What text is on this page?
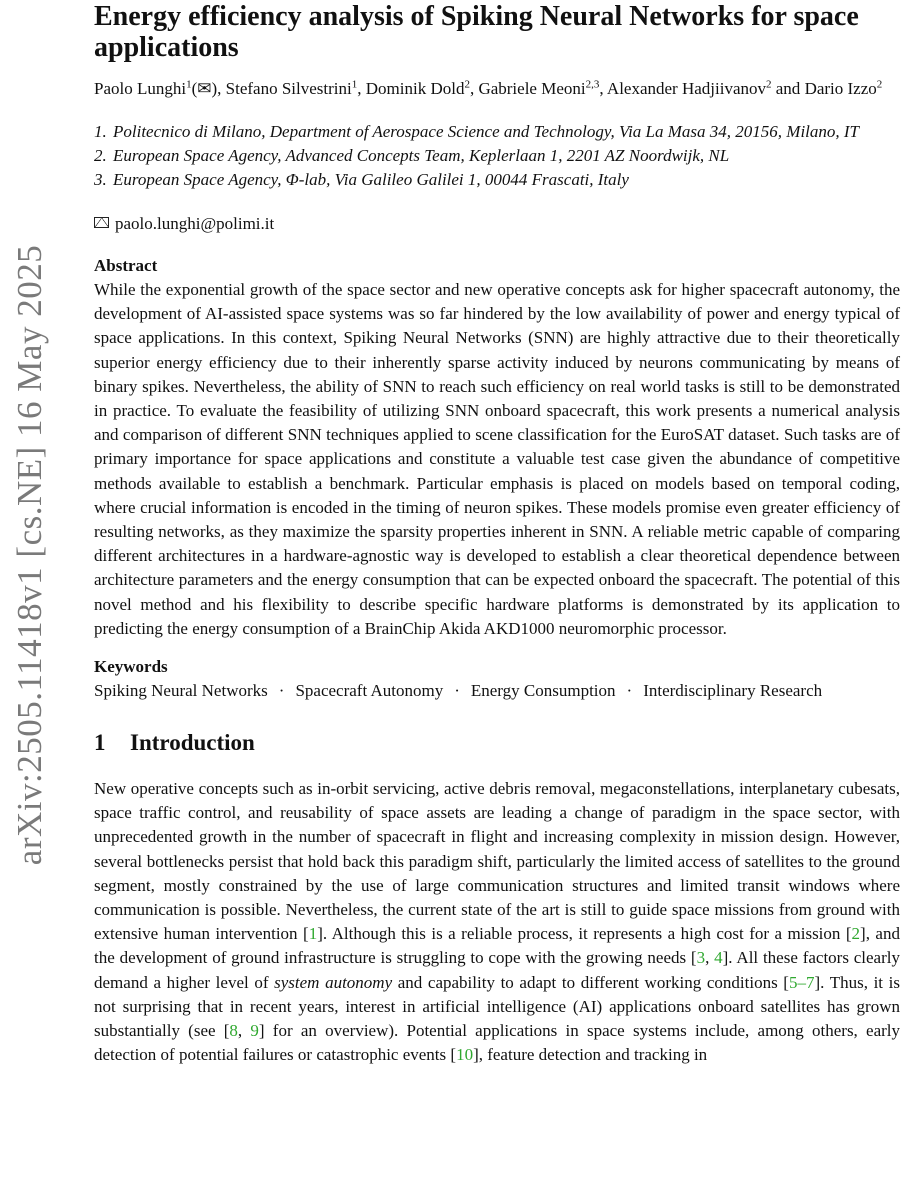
arXiv:2505.11418v1 [cs.NE] 16 May 2025
Energy efficiency analysis of Spiking Neural Networks for space applications
Paolo Lunghi$^1$(✉), Stefano Silvestrini$^1$, Dominik Dold$^2$, Gabriele Meoni$^{2,3}$, Alexander Hadjiivanov$^2$ and Dario Izzo$^2$
1. Politecnico di Milano, Department of Aerospace Science and Technology, Via La Masa 34, 20156, Milano, IT
2. European Space Agency, Advanced Concepts Team, Keplerlaan 1, 2201 AZ Noordwijk, NL
3. European Space Agency, Φ-lab, Via Galileo Galilei 1, 00044 Frascati, Italy
paolo.lunghi@polimi.it
Abstract

While the exponential growth of the space sector and new operative concepts ask for higher spacecraft autonomy, the development of AI-assisted space systems was so far hindered by the low availability of power and energy typical of space applications. In this context, Spiking Neural Networks (SNN) are highly attractive due to their theoretically superior energy efficiency due to their inherently sparse activity induced by neurons communicating by means of binary spikes. Nevertheless, the ability of SNN to reach such efficiency on real world tasks is still to be demonstrated in practice. To evaluate the feasibility of utilizing SNN onboard spacecraft, this work presents a numerical analysis and comparison of different SNN techniques applied to scene classification for the EuroSAT dataset. Such tasks are of primary importance for space applications and constitute a valuable test case given the abundance of competitive methods available to establish a benchmark. Particular emphasis is placed on models based on temporal coding, where crucial information is encoded in the timing of neuron spikes. These models promise even greater efficiency of resulting networks, as they maximize the sparsity properties inherent in SNN. A reliable metric capable of comparing different architectures in a hardware-agnostic way is developed to establish a clear theoretical dependence between architecture parameters and the energy consumption that can be expected onboard the spacecraft. The potential of this novel method and his flexibility to describe specific hardware platforms is demonstrated by its application to predicting the energy consumption of a BrainChip Akida AKD1000 neuromorphic processor.

Keywords
Spiking Neural Networks · Spacecraft Autonomy · Energy Consumption · Interdisciplinary Research
1 Introduction

New operative concepts such as in-orbit servicing, active debris removal, megaconstellations, interplanetary cubesats, space traffic control, and reusability of space assets are leading a change of paradigm in the space sector, with unprecedented growth in the number of spacecraft in flight and increasing complexity in mission design. However, several bottlenecks persist that hold back this paradigm shift, particularly the limited access of satellites to the ground segment, mostly constrained by the use of large communication structures and limited transit windows where communication is possible. Nevertheless, the current state of the art is still to guide space missions from ground with extensive human intervention [1]. Although this is a reliable process, it represents a high cost for a mission [2], and the development of ground infrastructure is struggling to cope with the growing needs [3, 4]. All these factors clearly demand a higher level of system autonomy and capability to adapt to different working conditions [5–7]. Thus, it is not surprising that in recent years, interest in artificial intelligence (AI) applications onboard satellites has grown substantially (see [8, 9] for an overview). Potential applications in space systems include, among others, early detection of potential failures or catastrophic events [10], feature detection and tracking in
